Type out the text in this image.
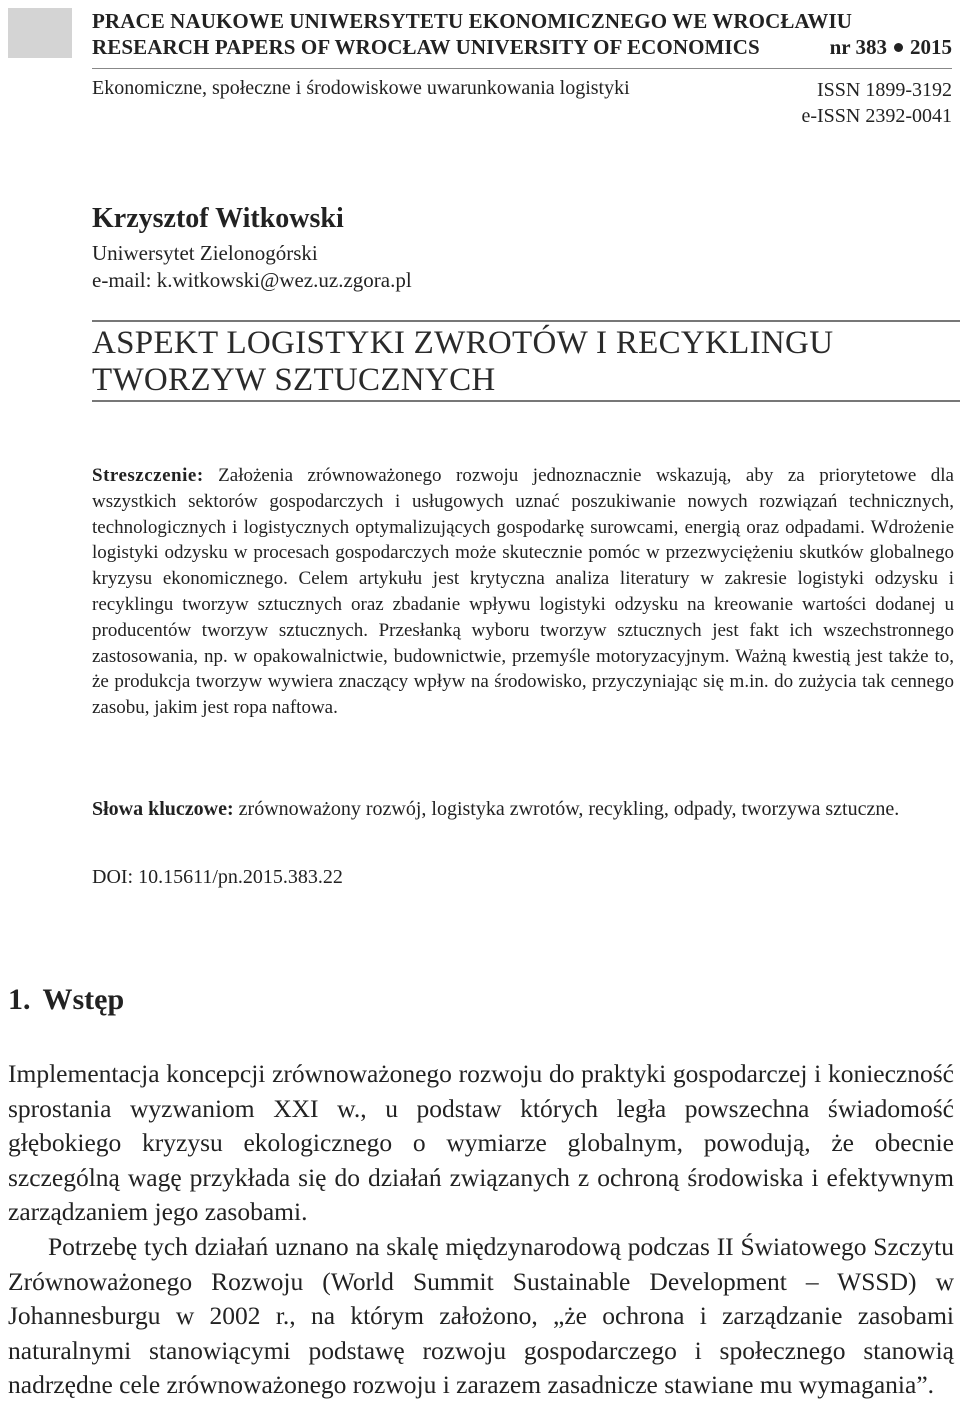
PRACE NAUKOWE UNIWERSYTETU EKONOMICZNEGO WE WROCŁAWIU
RESEARCH PAPERS OF WROCŁAW UNIVERSITY OF ECONOMICS	nr 383 2015
Ekonomiczne, społeczne i środowiskowe uwarunkowania logistyki	ISSN 1899-3192
e-ISSN 2392-0041
Krzysztof Witkowski
Uniwersytet Zielonogórski
e-mail: k.witkowski@wez.uz.zgora.pl
ASPEKT LOGISTYKI ZWROTÓW I RECYKLINGU
TWORZYW SZTUCZNYCH
Streszczenie: Założenia zrównoważonego rozwoju jednoznacznie wskazują, aby za priorytetowe dla wszystkich sektorów gospodarczych i usługowych uznać poszukiwanie nowych rozwiązań technicznych, technologicznych i logistycznych optymalizujących gospodarkę surowcami, energią oraz odpadami. Wdrożenie logistyki odzysku w procesach gospodarczych może skutecznie pomóc w przezwyciężeniu skutków globalnego kryzysu ekonomicznego. Celem artykułu jest krytyczna analiza literatury w zakresie logistyki odzysku i recyklingu tworzyw sztucznych oraz zbadanie wpływu logistyki odzysku na kreowanie wartości dodanej u producentów tworzyw sztucznych. Przesłanką wyboru tworzyw sztucznych jest fakt ich wszechstronnego zastosowania, np. w opakowalnictwie, budownictwie, przemyśle motoryzacyjnym. Ważną kwestią jest także to, że produkcja tworzyw wywiera znaczący wpływ na środowisko, przyczyniając się m.in. do zużycia tak cennego zasobu, jakim jest ropa naftowa.
Słowa kluczowe: zrównoważony rozwój, logistyka zwrotów, recykling, odpady, tworzywa sztuczne.
DOI: 10.15611/pn.2015.383.22
1. Wstęp

Implementacja koncepcji zrównoważonego rozwoju do praktyki gospodarczej i konieczność sprostania wyzwaniom XXI w., u podstaw których legła powszechna świadomość głębokiego kryzysu ekologicznego o wymiarze globalnym, powodują, że obecnie szczególną wagę przykłada się do działań związanych z ochroną środowiska i efektywnym zarządzaniem jego zasobami.

Potrzebę tych działań uznano na skalę międzynarodową podczas II Światowego Szczytu Zrównoważonego Rozwoju (World Summit Sustainable Development – WSSD) w Johannesburgu w 2002 r., na którym założono, „że ochrona i zarządzanie zasobami naturalnymi stanowiącymi podstawę rozwoju gospodarczego i społecznego stanowią nadrzędne cele zrównoważonego rozwoju i zarazem zasadnicze stawiane mu wymagania”.
